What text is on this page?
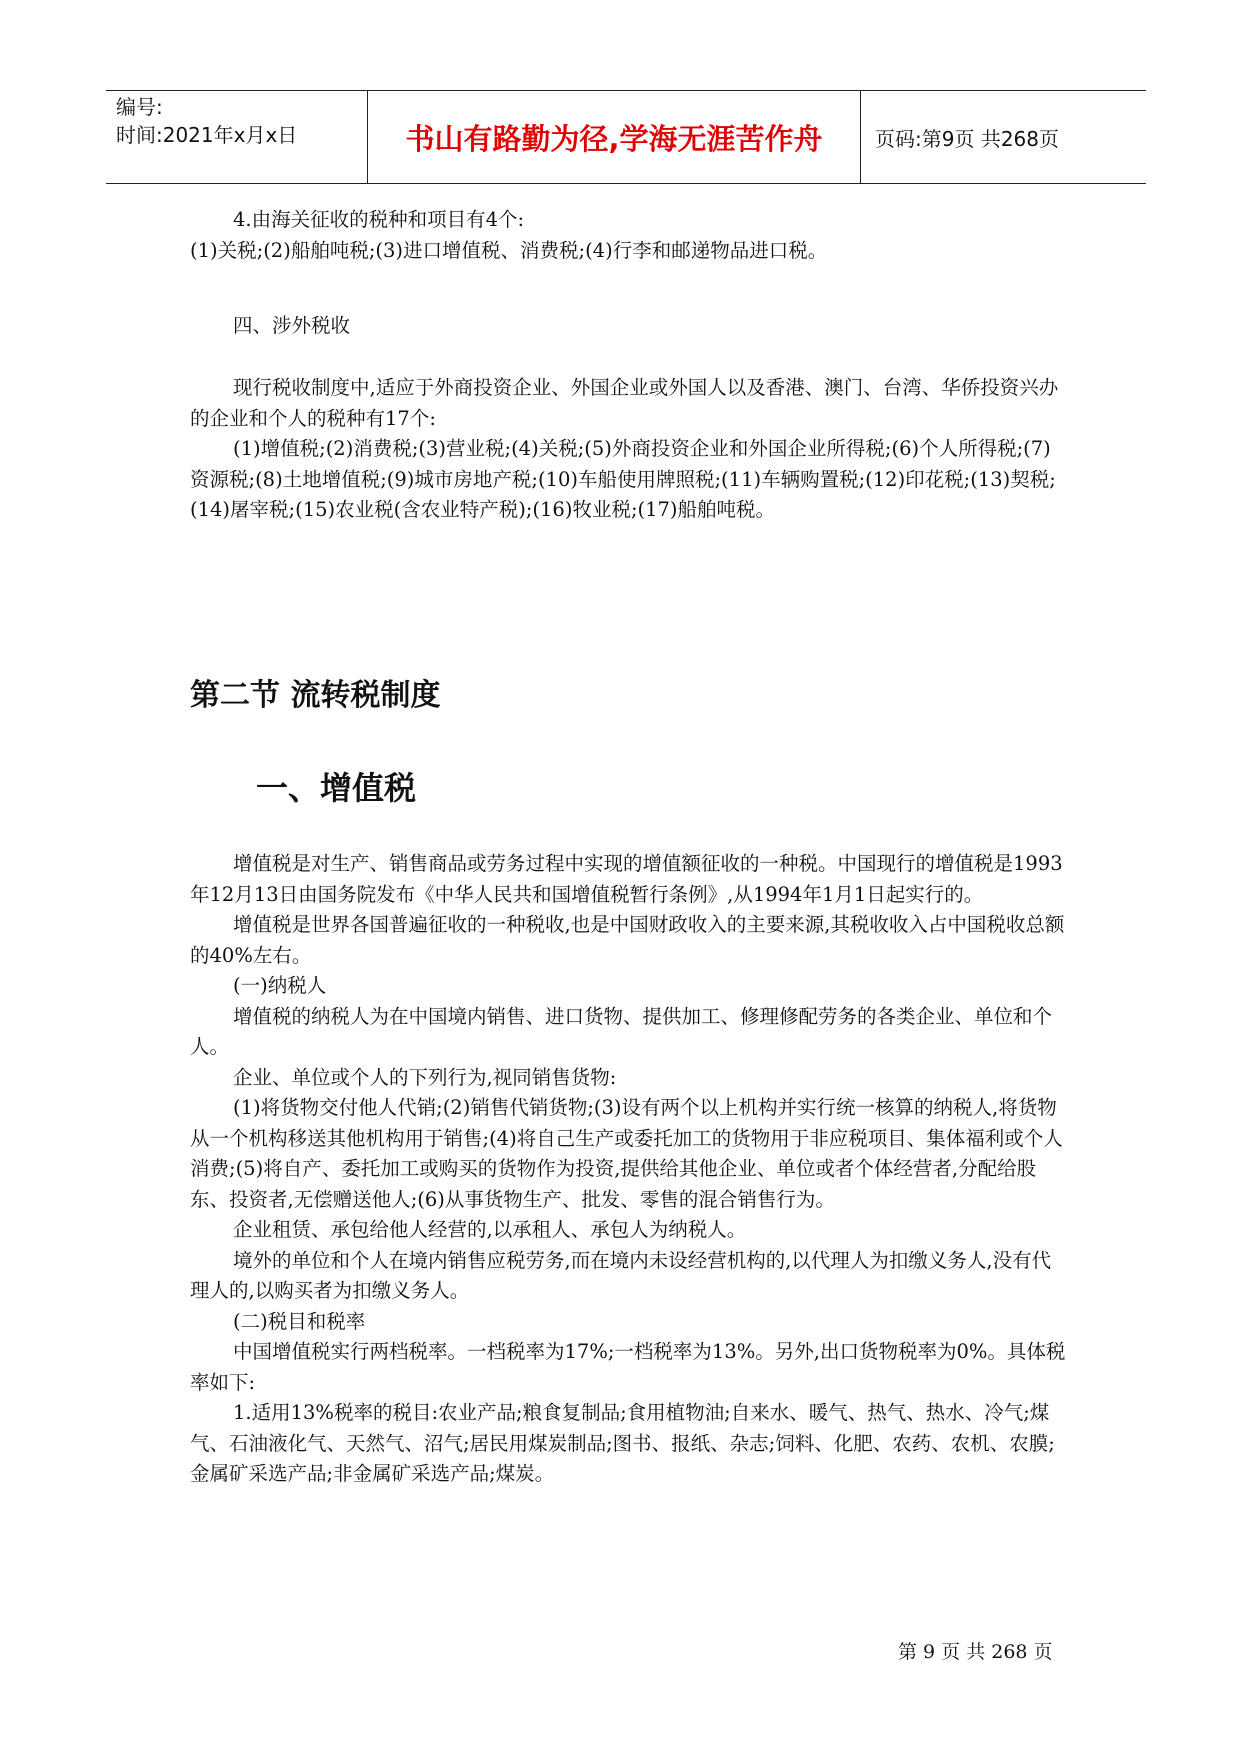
编号:
时间:2021年x月x日	书山有路勤为径,学海无涯苦作舟	页码:第9页 共268页

4.由海关征收的税种和项目有4个:

(1)关税;(2)船舶吨税;(3)进口增值税、消费税;(4)行李和邮递物品进口税。

四、涉外税收

现行税收制度中,适应于外商投资企业、外国企业或外国人以及香港、澳门、台湾、华侨投资兴办的企业和个人的税种有17个:

(1)增值税;(2)消费税;(3)营业税;(4)关税;(5)外商投资企业和外国企业所得税;(6)个人所得税;(7)资源税;(8)土地增值税;(9)城市房地产税;(10)车船使用牌照税;(11)车辆购置税;(12)印花税;(13)契税;(14)屠宰税;(15)农业税(含农业特产税);(16)牧业税;(17)船舶吨税。

第二节 流转税制度
一、增值税

增值税是对生产、销售商品或劳务过程中实现的增值额征收的一种税。中国现行的增值税是1993年12月13日由国务院发布《中华人民共和国增值税暂行条例》,从1994年1月1日起实行的。

增值税是世界各国普遍征收的一种税收,也是中国财政收入的主要来源,其税收收入占中国税收总额的40%左右。

(一)纳税人

增值税的纳税人为在中国境内销售、进口货物、提供加工、修理修配劳务的各类企业、单位和个人。

企业、单位或个人的下列行为,视同销售货物:

(1)将货物交付他人代销;(2)销售代销货物;(3)设有两个以上机构并实行统一核算的纳税人,将货物从一个机构移送其他机构用于销售;(4)将自己生产或委托加工的货物用于非应税项目、集体福利或个人消费;(5)将自产、委托加工或购买的货物作为投资,提供给其他企业、单位或者个体经营者,分配给股东、投资者,无偿赠送他人;(6)从事货物生产、批发、零售的混合销售行为。

企业租赁、承包给他人经营的,以承租人、承包人为纳税人。

境外的单位和个人在境内销售应税劳务,而在境内未设经营机构的,以代理人为扣缴义务人,没有代理人的,以购买者为扣缴义务人。

(二)税目和税率

中国增值税实行两档税率。一档税率为17%;一档税率为13%。另外,出口货物税率为0%。具体税率如下:

1.适用13%税率的税目:农业产品;粮食复制品;食用植物油;自来水、暖气、热气、热水、冷气;煤气、石油液化气、天然气、沼气;居民用煤炭制品;图书、报纸、杂志;饲料、化肥、农药、农机、农膜;金属矿采选产品;非金属矿采选产品;煤炭。

第 9 页 共 268 页
